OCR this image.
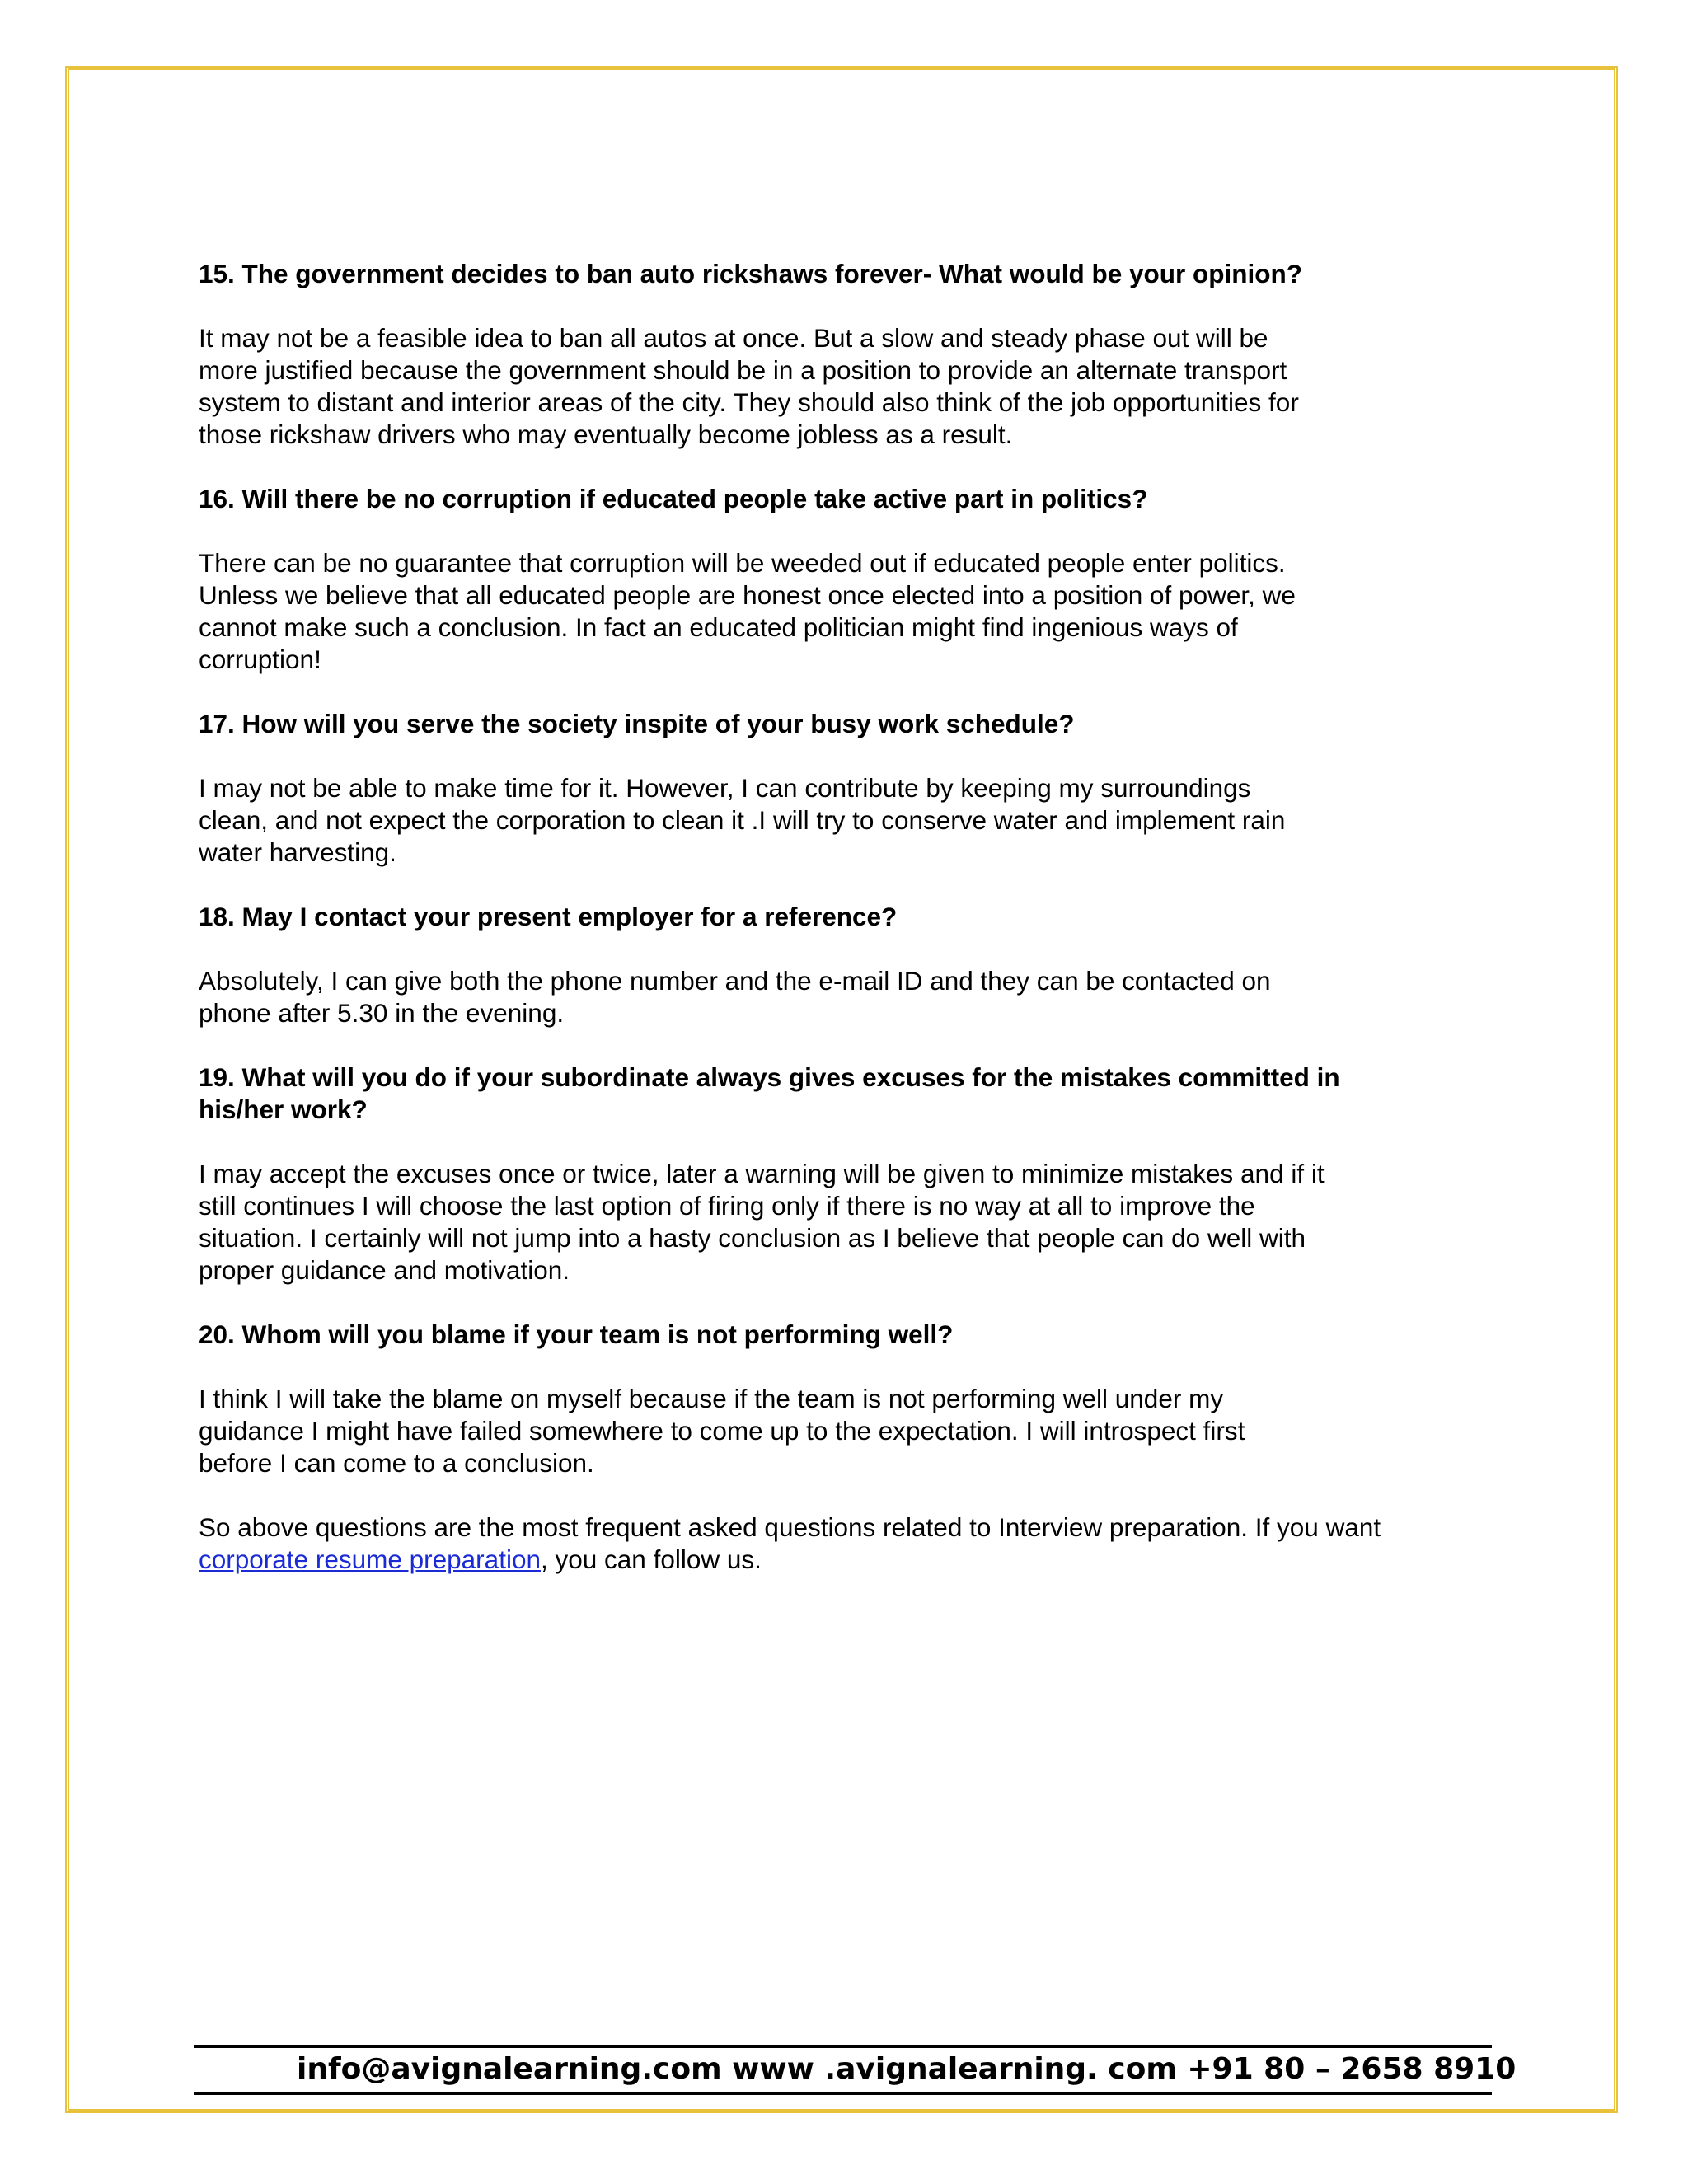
15. The government decides to ban auto rickshaws forever- What would be your opinion?

It may not be a feasible idea to ban all autos at once. But a slow and steady phase out will be
more justified because the government should be in a position to provide an alternate transport
system to distant and interior areas of the city. They should also think of the job opportunities for
those rickshaw drivers who may eventually become jobless as a result.

16. Will there be no corruption if educated people take active part in politics?

There can be no guarantee that corruption will be weeded out if educated people enter politics.
Unless we believe that all educated people are honest once elected into a position of power, we
cannot make such a conclusion. In fact an educated politician might find ingenious ways of
corruption!

17. How will you serve the society inspite of your busy work schedule?

I may not be able to make time for it. However, I can contribute by keeping my surroundings
clean, and not expect the corporation to clean it .I will try to conserve water and implement rain
water harvesting.

18. May I contact your present employer for a reference?

Absolutely, I can give both the phone number and the e-mail ID and they can be contacted on
phone after 5.30 in the evening.

19. What will you do if your subordinate always gives excuses for the mistakes committed in
his/her work?

I may accept the excuses once or twice, later a warning will be given to minimize mistakes and if it
still continues I will choose the last option of firing only if there is no way at all to improve the
situation. I certainly will not jump into a hasty conclusion as I believe that people can do well with
proper guidance and motivation.

20. Whom will you blame if your team is not performing well?

I think I will take the blame on myself because if the team is not performing well under my
guidance I might have failed somewhere to come up to the expectation. I will introspect first
before I can come to a conclusion.

So above questions are the most frequent asked questions related to Interview preparation. If you want
corporate resume preparation, you can follow us.

info@avignalearning.com www .avignalearning. com +91 80 – 2658 8910
